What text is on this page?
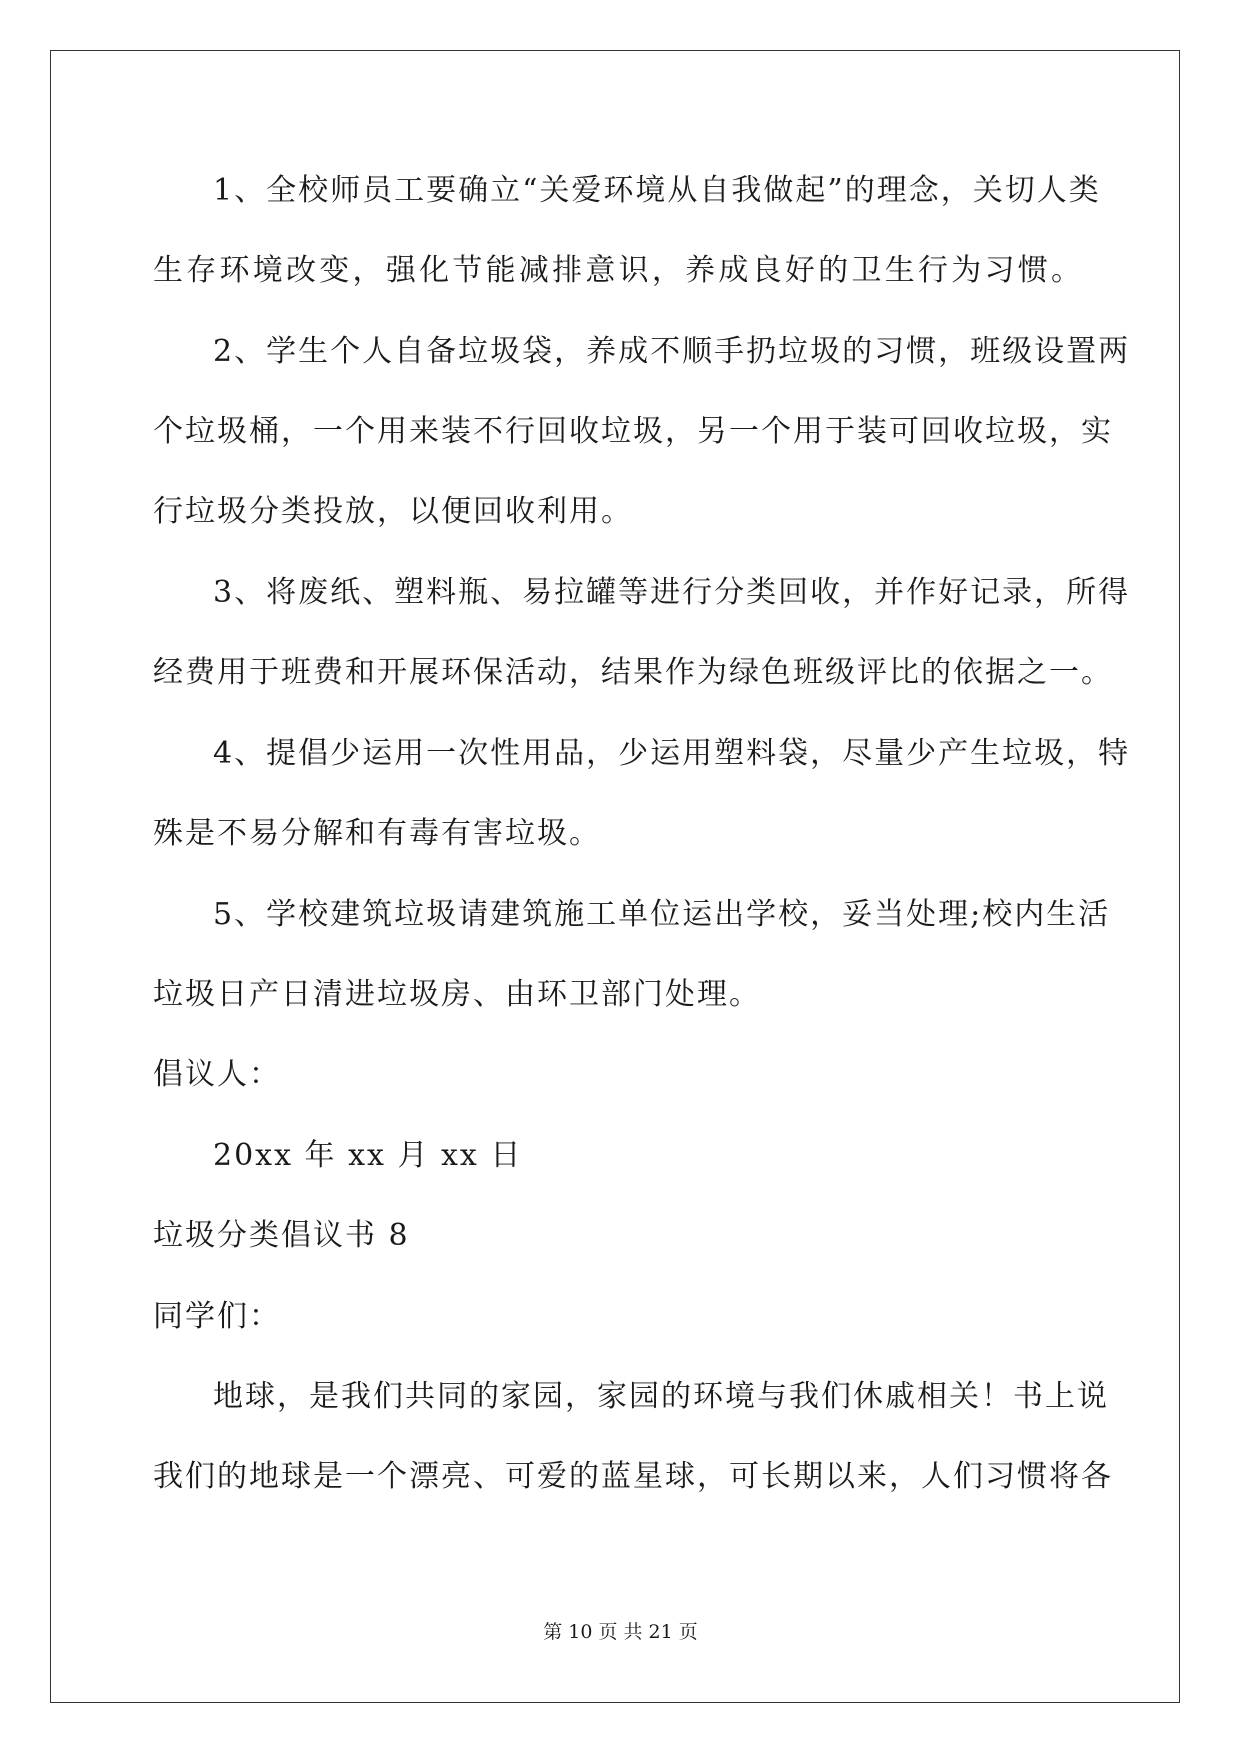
1、全校师员工要确立“关爱环境从自我做起”的理念，关切人类
生存环境改变，强化节能减排意识，养成良好的卫生行为习惯。
2、学生个人自备垃圾袋，养成不顺手扔垃圾的习惯，班级设置两
个垃圾桶，一个用来装不行回收垃圾，另一个用于装可回收垃圾，实
行垃圾分类投放，以便回收利用。
3、将废纸、塑料瓶、易拉罐等进行分类回收，并作好记录，所得
经费用于班费和开展环保活动，结果作为绿色班级评比的依据之一。
4、提倡少运用一次性用品，少运用塑料袋，尽量少产生垃圾，特
殊是不易分解和有毒有害垃圾。
5、学校建筑垃圾请建筑施工单位运出学校，妥当处理;校内生活
垃圾日产日清进垃圾房、由环卫部门处理。
倡议人：
20xx 年 xx 月 xx 日
垃圾分类倡议书 8
同学们：
地球，是我们共同的家园，家园的环境与我们休戚相关！书上说
我们的地球是一个漂亮、可爱的蓝星球，可长期以来，人们习惯将各
第 10 页 共 21 页
